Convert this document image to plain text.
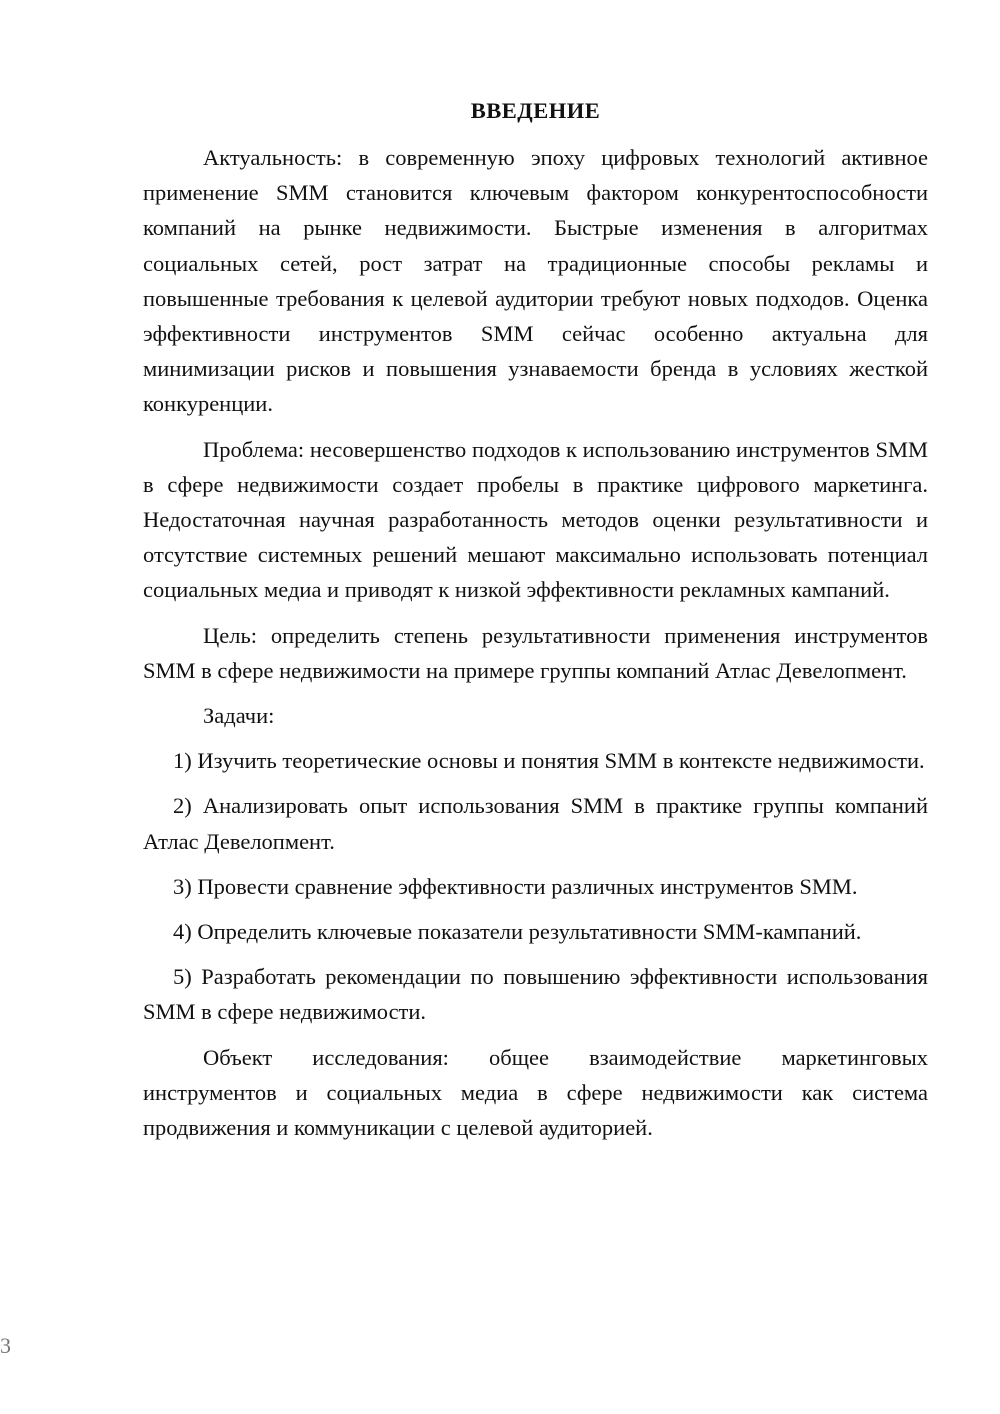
ВВЕДЕНИЕ

Актуальность: в современную эпоху цифровых технологий активное применение SMM становится ключевым фактором конкурентоспособности компаний на рынке недвижимости. Быстрые изменения в алгоритмах социальных сетей, рост затрат на традиционные способы рекламы и повышенные требования к целевой аудитории требуют новых подходов. Оценка эффективности инструментов SMM сейчас особенно актуальна для минимизации рисков и повышения узнаваемости бренда в условиях жесткой конкуренции.

Проблема: несовершенство подходов к использованию инструментов SMM в сфере недвижимости создает пробелы в практике цифрового маркетинга. Недостаточная научная разработанность методов оценки результативности и отсутствие системных решений мешают максимально использовать потенциал социальных медиа и приводят к низкой эффективности рекламных кампаний.

Цель: определить степень результативности применения инструментов SMM в сфере недвижимости на примере группы компаний Атлас Девелопмент.

Задачи:

1) Изучить теоретические основы и понятия SMM в контексте недвижимости.

2) Анализировать опыт использования SMM в практике группы компаний Атлас Девелопмент.

3) Провести сравнение эффективности различных инструментов SMM.

4) Определить ключевые показатели результативности SMM-кампаний.

5) Разработать рекомендации по повышению эффективности использования SMM в сфере недвижимости.

Объект исследования: общее взаимодействие маркетинговых инструментов и социальных медиа в сфере недвижимости как система продвижения и коммуникации с целевой аудиторией.

3
